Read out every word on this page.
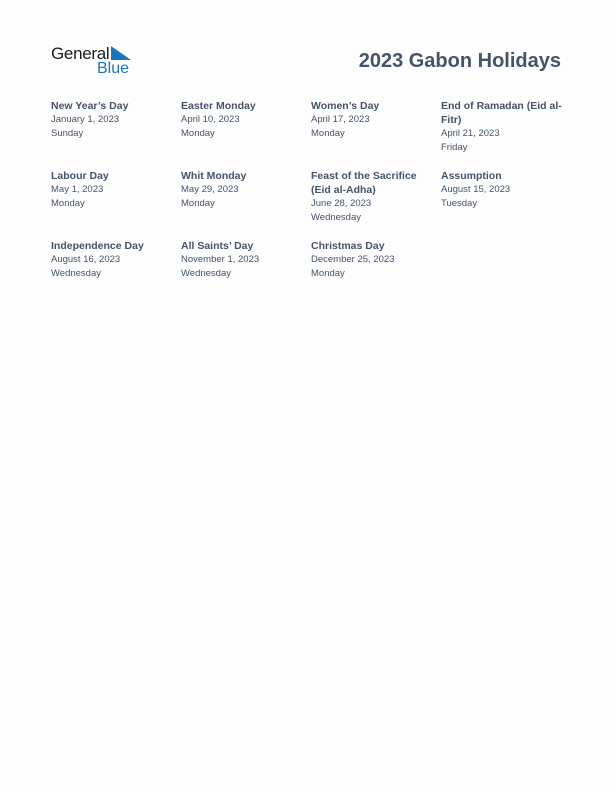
General
Blue	2023 Gabon Holidays
New Year’s Day
January 1, 2023
Sunday
Easter Monday
April 10, 2023
Monday
Women’s Day
April 17, 2023
Monday
End of Ramadan (Eid al-Fitr)
April 21, 2023
Friday
Labour Day
May 1, 2023
Monday
Whit Monday
May 29, 2023
Monday
Feast of the Sacrifice (Eid al-Adha)
June 28, 2023
Wednesday
Assumption
August 15, 2023
Tuesday
Independence Day
August 16, 2023
Wednesday
All Saints’ Day
November 1, 2023
Wednesday
Christmas Day
December 25, 2023
Monday
